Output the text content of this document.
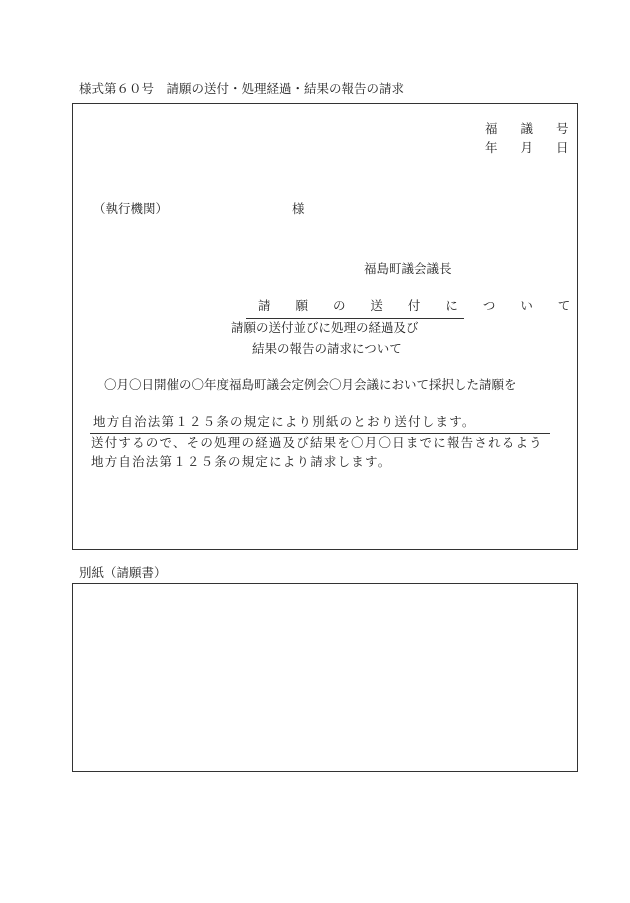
様式第６０号　請願の送付・処理経過・結果の報告の請求
福 議 号
年 月 日
（執行機関）	様
福島町議会議長
請 願 の 送 付 に つ い て
請願の送付並びに処理の経過及び
結果の報告の請求について
〇月〇日開催の〇年度福島町議会定例会〇月会議において採択した請願を
地方自治法第１２５条の規定により別紙のとおり送付します。
送付するので、その処理の経過及び結果を〇月〇日までに報告されるよう
地方自治法第１２５条の規定により請求します。
別紙（請願書）
